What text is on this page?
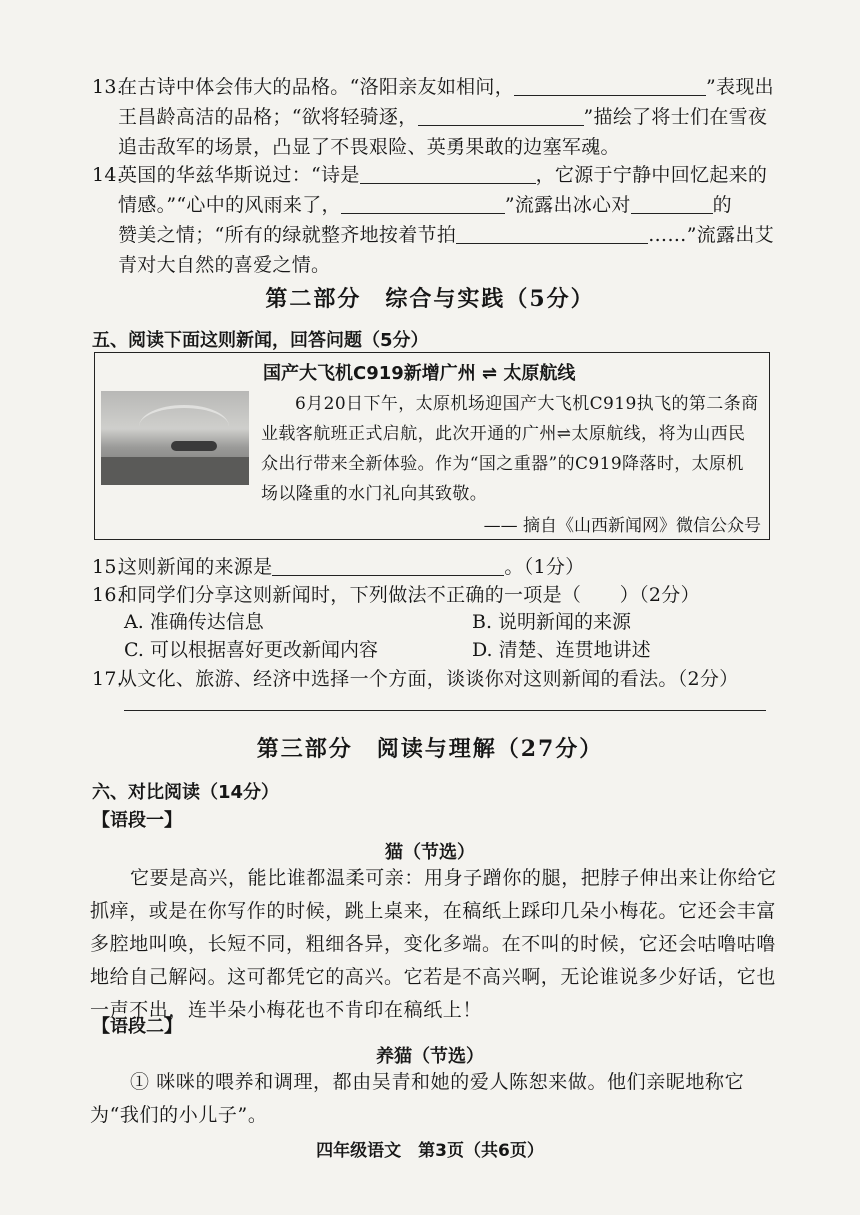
13.在古诗中体会伟大的品格。“洛阳亲友如相问，	”表现出
王昌龄高洁的品格；“欲将轻骑逐，	”描绘了将士们在雪夜
追击敌军的场景，凸显了不畏艰险、英勇果敢的边塞军魂。
14.英国的华兹华斯说过：“诗是	，它源于宁静中回忆起来的
情感。”“心中的风雨来了，	”流露出冰心对	的
赞美之情；“所有的绿就整齐地按着节拍	……”流露出艾
青对大自然的喜爱之情。
第二部分　综合与实践（5分）
五、阅读下面这则新闻，回答问题（5分）
国产大飞机C919新增广州 ⇌ 太原航线
6月20日下午，太原机场迎国产大飞机C919执飞的第二条商业载客航班正式启航，此次开通的广州⇌太原航线，将为山西民众出行带来全新体验。作为“国之重器”的C919降落时，太原机场以隆重的水门礼向其致敬。
—— 摘自《山西新闻网》微信公众号
15.这则新闻的来源是	。（1分）
16.和同学们分享这则新闻时，下列做法不正确的一项是（　　）（2分）
A. 准确传达信息	B. 说明新闻的来源
C. 可以根据喜好更改新闻内容	D. 清楚、连贯地讲述
17.从文化、旅游、经济中选择一个方面，谈谈你对这则新闻的看法。（2分）
第三部分　阅读与理解（27分）
六、对比阅读（14分）
【语段一】
猫（节选）
它要是高兴，能比谁都温柔可亲：用身子蹭你的腿，把脖子伸出来让你给它抓痒，或是在你写作的时候，跳上桌来，在稿纸上踩印几朵小梅花。它还会丰富多腔地叫唤，长短不同，粗细各异，变化多端。在不叫的时候，它还会咕噜咕噜地给自己解闷。这可都凭它的高兴。它若是不高兴啊，无论谁说多少好话，它也一声不出，连半朵小梅花也不肯印在稿纸上！
【语段二】
养猫（节选）
① 咪咪的喂养和调理，都由吴青和她的爱人陈恕来做。他们亲昵地称它为“我们的小儿子”。
四年级语文　第3页（共6页）
